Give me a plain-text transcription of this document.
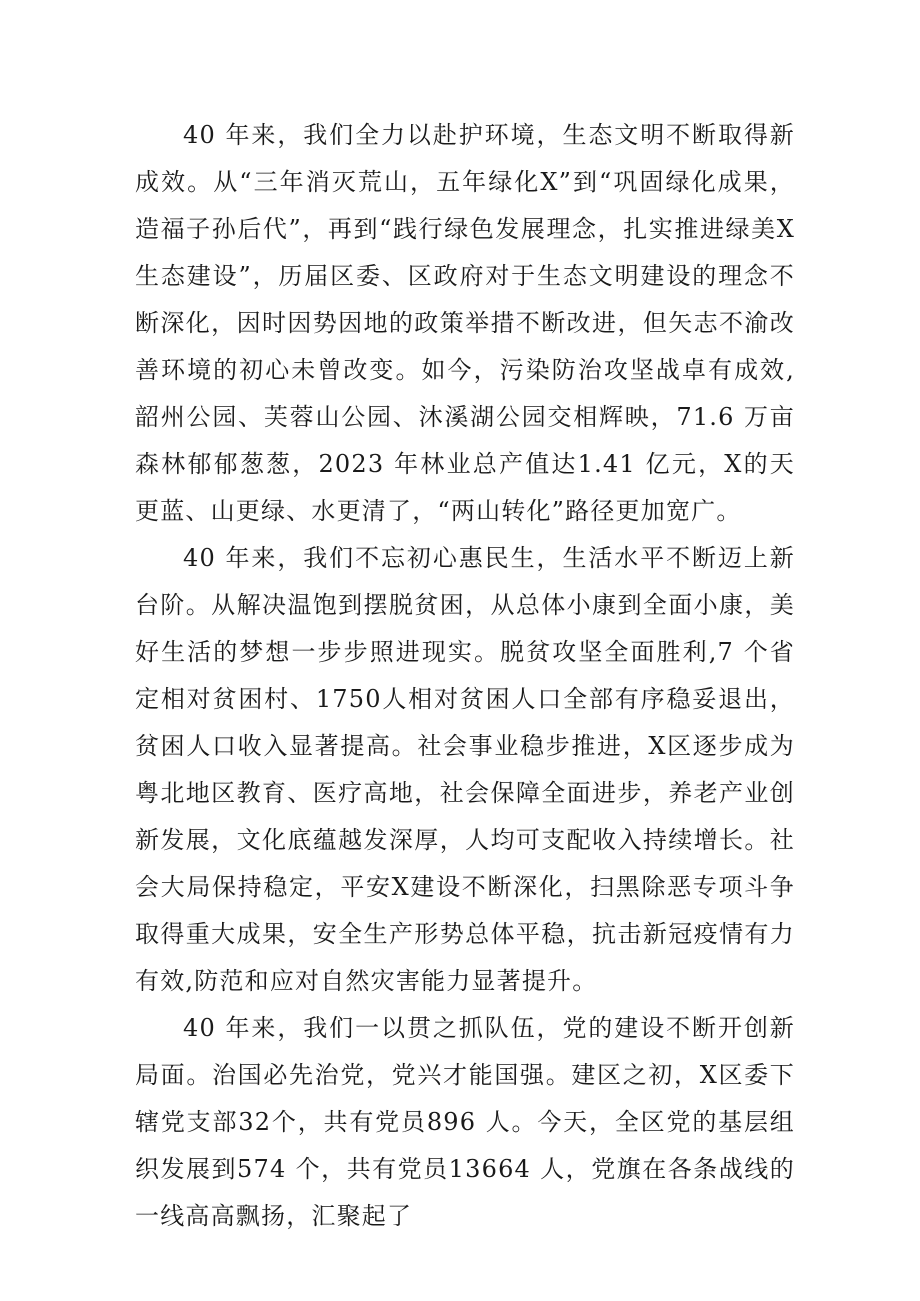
40 年来，我们全力以赴护环境，生态文明不断取得新成效。从“三年消灭荒山，五年绿化X”到“巩固绿化成果，造福子孙后代”，再到“践行绿色发展理念，扎实推进绿美X生态建设”，历届区委、区政府对于生态文明建设的理念不断深化，因时因势因地的政策举措不断改进，但矢志不渝改善环境的初心未曾改变。如今，污染防治攻坚战卓有成效,韶州公园、芙蓉山公园、沐溪湖公园交相辉映，71.6 万亩森林郁郁葱葱，2023 年林业总产值达1.41 亿元，X的天更蓝、山更绿、水更清了，“两山转化”路径更加宽广。

40 年来，我们不忘初心惠民生，生活水平不断迈上新台阶。从解决温饱到摆脱贫困，从总体小康到全面小康，美好生活的梦想一步步照进现实。脱贫攻坚全面胜利,7 个省定相对贫困村、1750人相对贫困人口全部有序稳妥退出，贫困人口收入显著提高。社会事业稳步推进，X区逐步成为粤北地区教育、医疗高地，社会保障全面进步，养老产业创新发展，文化底蕴越发深厚，人均可支配收入持续增长。社会大局保持稳定，平安X建设不断深化，扫黑除恶专项斗争取得重大成果，安全生产形势总体平稳，抗击新冠疫情有力有效,防范和应对自然灾害能力显著提升。

40 年来，我们一以贯之抓队伍，党的建设不断开创新局面。治国必先治党，党兴才能国强。建区之初，X区委下辖党支部32个，共有党员896 人。今天，全区党的基层组织发展到574 个，共有党员13664 人，党旗在各条战线的一线高高飘扬，汇聚起了
